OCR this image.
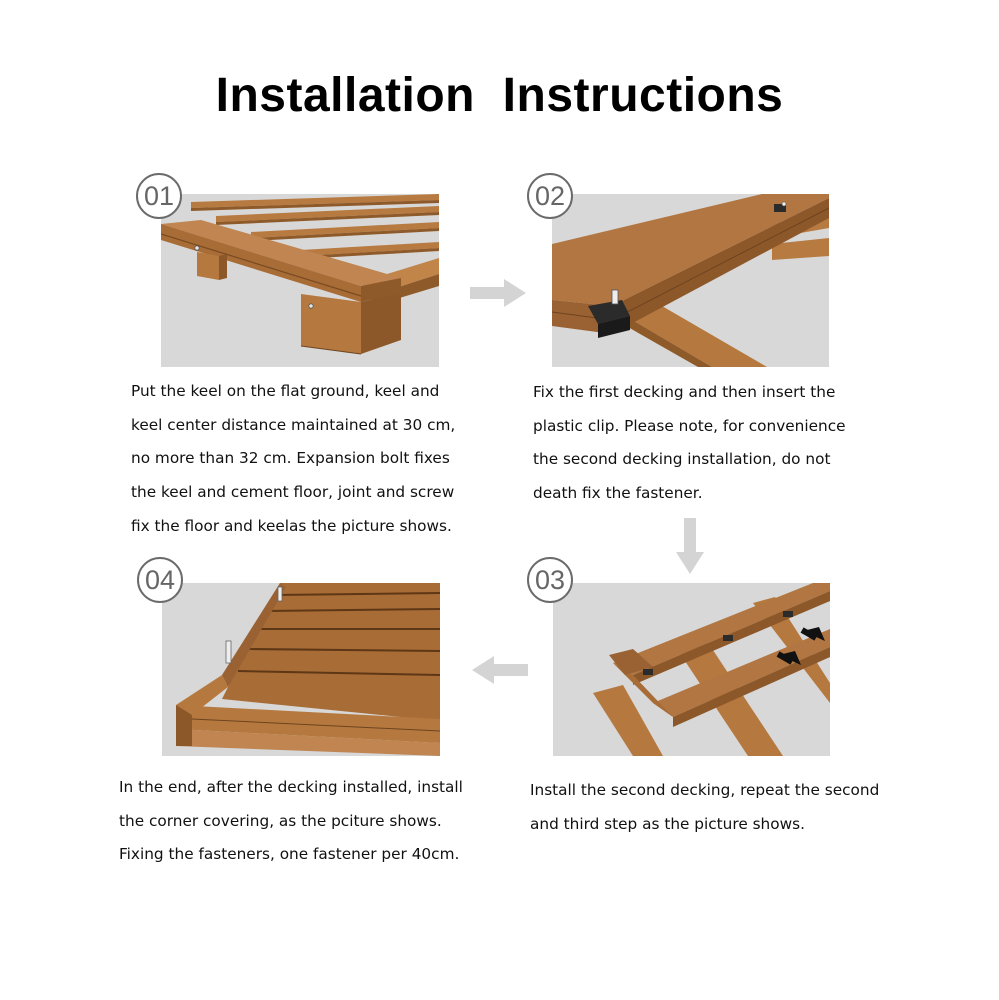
Installation  Instructions
01
Put the keel on the flat ground, keel and
keel center distance maintained at 30 cm,
no more than 32 cm. Expansion bolt fixes
the keel and cement floor, joint and screw
fix the floor and keelas the picture shows.
02
Fix the first decking and then insert the
plastic clip. Please note, for convenience
the second decking installation, do not
death fix the fastener.
03
Install the second decking, repeat the second
and third step as the picture shows.
04
In the end, after the decking installed, install
the corner covering, as the pciture shows.
Fixing the fasteners, one fastener per 40cm.
